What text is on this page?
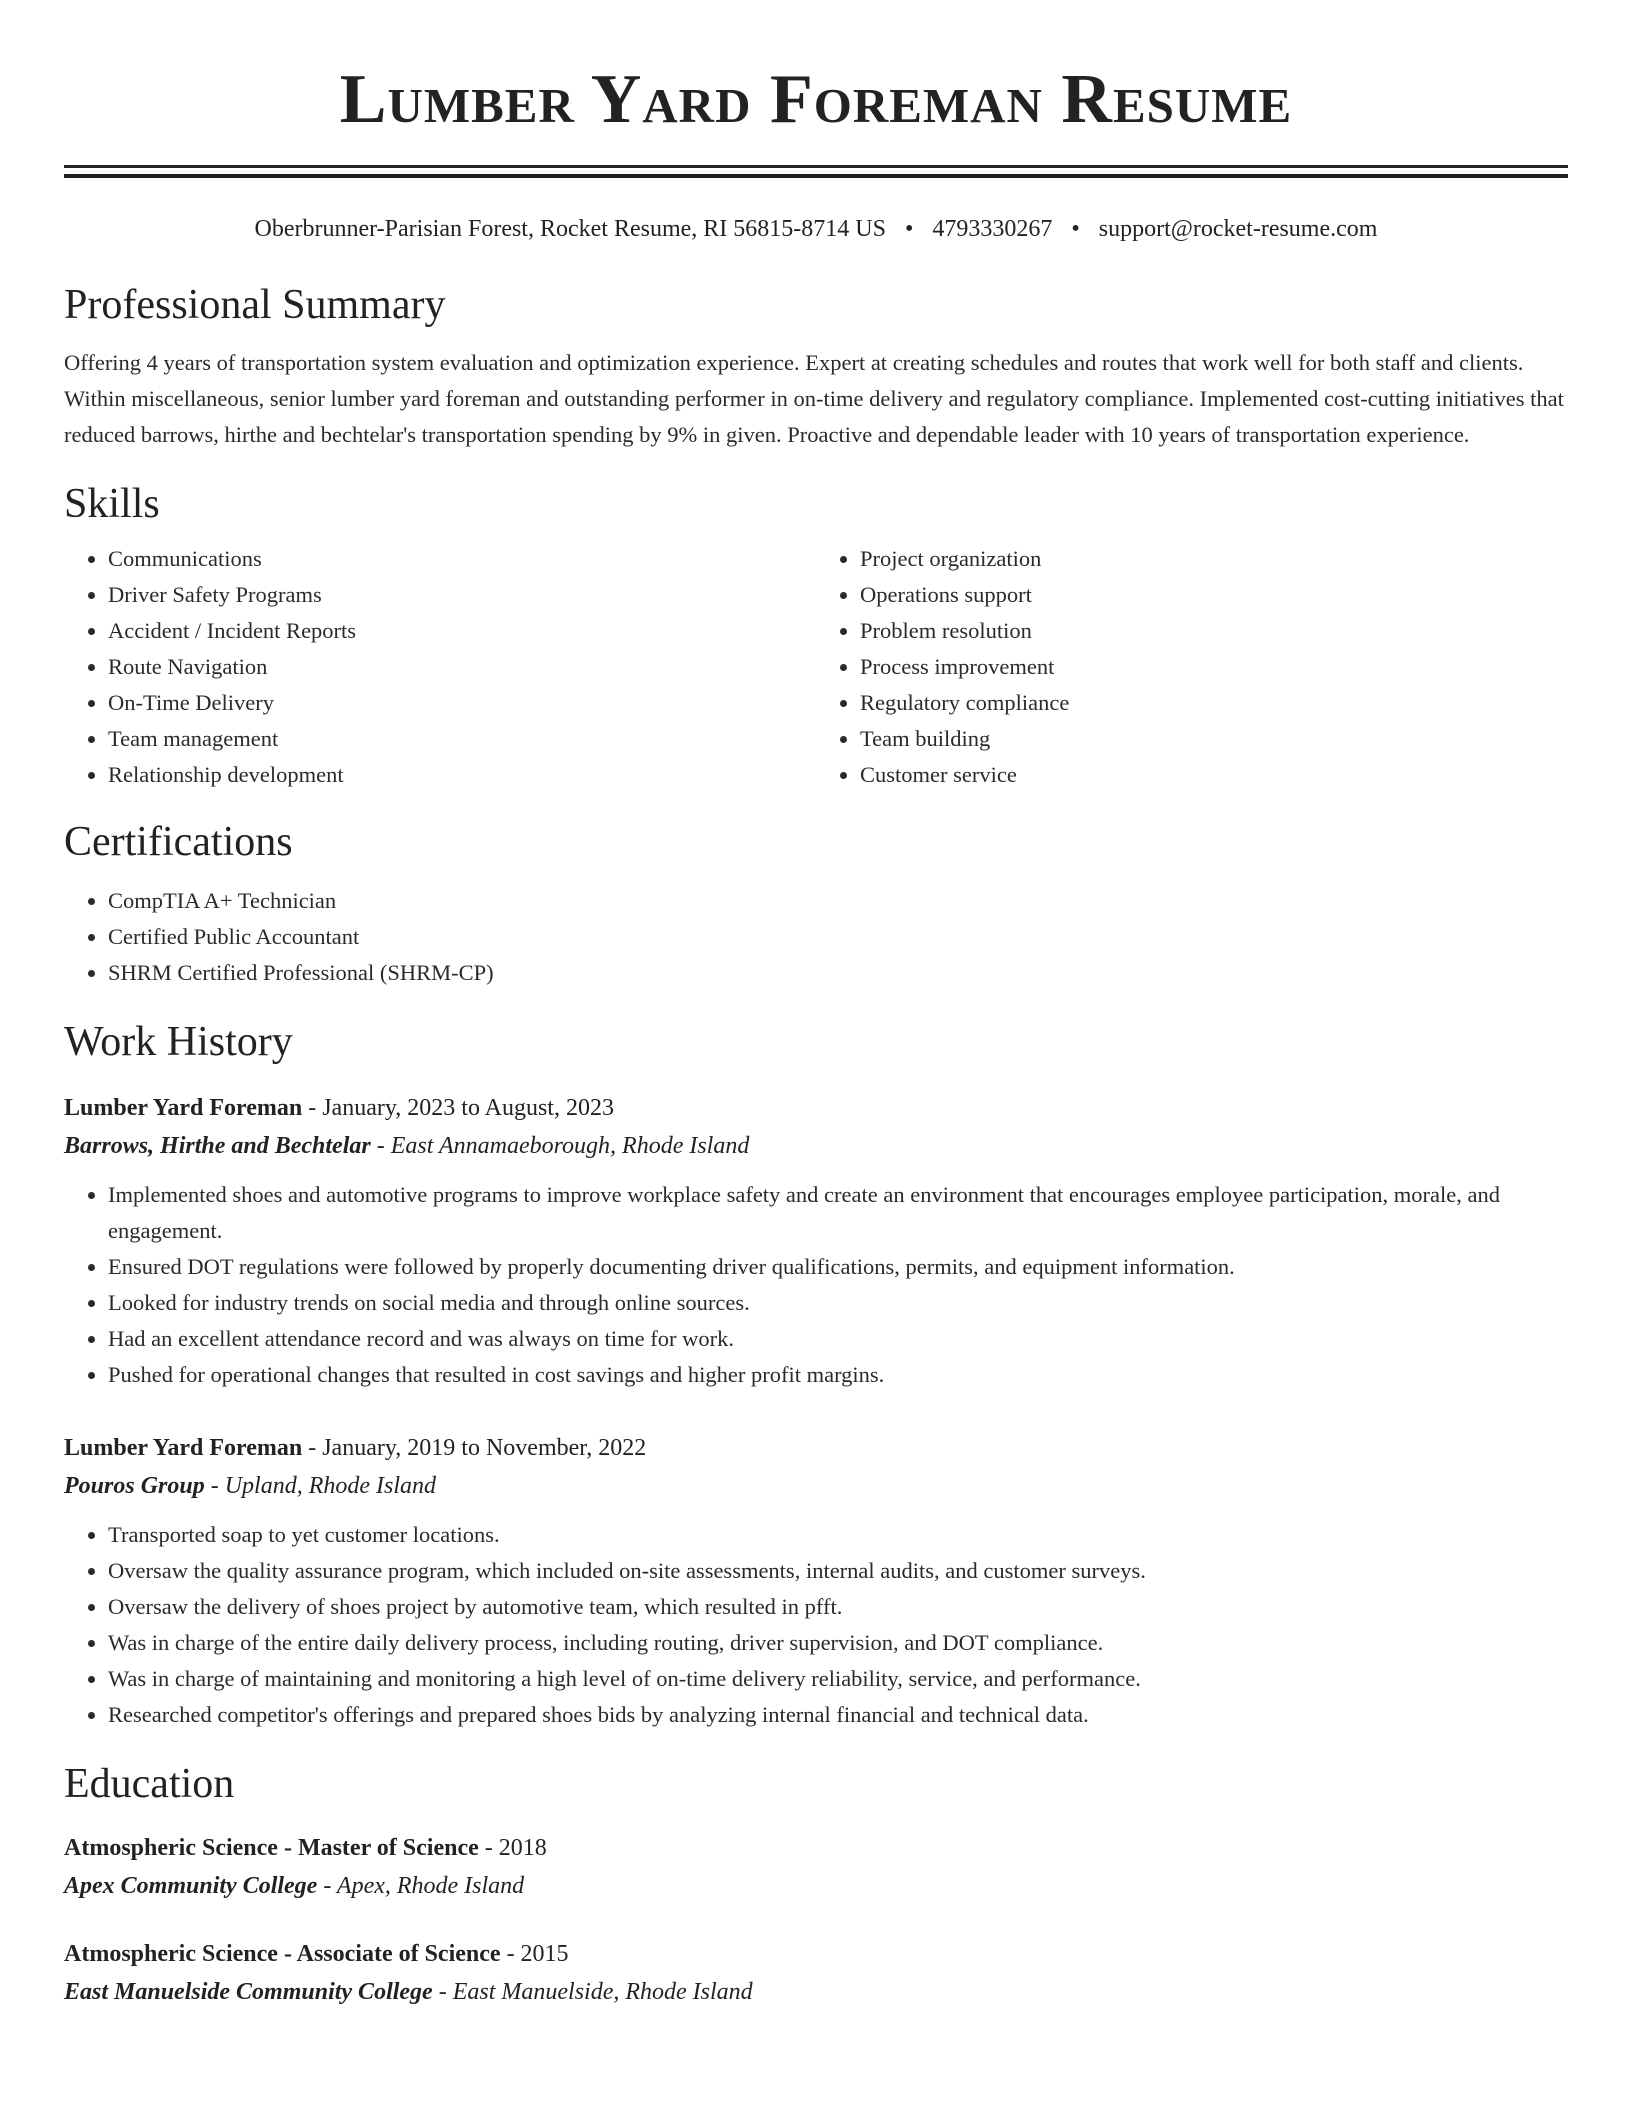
Lumber Yard Foreman Resume
Oberbrunner-Parisian Forest, Rocket Resume, RI 56815-8714 US • 4793330267 • support@rocket-resume.com
Professional Summary

Offering 4 years of transportation system evaluation and optimization experience. Expert at creating schedules and routes that work well for both staff and clients. Within miscellaneous, senior lumber yard foreman and outstanding performer in on-time delivery and regulatory compliance. Implemented cost-cutting initiatives that reduced barrows, hirthe and bechtelar's transportation spending by 9% in given. Proactive and dependable leader with 10 years of transportation experience.

Skills
• Communications
• Driver Safety Programs
• Accident / Incident Reports
• Route Navigation
• On-Time Delivery
• Team management
• Relationship development
• Project organization
• Operations support
• Problem resolution
• Process improvement
• Regulatory compliance
• Team building
• Customer service
Certifications
• CompTIA A+ Technician
• Certified Public Accountant
• SHRM Certified Professional (SHRM-CP)
Work History
Lumber Yard Foreman - January, 2023 to August, 2023
Barrows, Hirthe and Bechtelar - East Annamaeborough, Rhode Island
• Implemented shoes and automotive programs to improve workplace safety and create an environment that encourages employee participation, morale, and engagement.
• Ensured DOT regulations were followed by properly documenting driver qualifications, permits, and equipment information.
• Looked for industry trends on social media and through online sources.
• Had an excellent attendance record and was always on time for work.
• Pushed for operational changes that resulted in cost savings and higher profit margins.
Lumber Yard Foreman - January, 2019 to November, 2022
Pouros Group - Upland, Rhode Island
• Transported soap to yet customer locations.
• Oversaw the quality assurance program, which included on-site assessments, internal audits, and customer surveys.
• Oversaw the delivery of shoes project by automotive team, which resulted in pfft.
• Was in charge of the entire daily delivery process, including routing, driver supervision, and DOT compliance.
• Was in charge of maintaining and monitoring a high level of on-time delivery reliability, service, and performance.
• Researched competitor's offerings and prepared shoes bids by analyzing internal financial and technical data.
Education
Atmospheric Science - Master of Science - 2018
Apex Community College - Apex, Rhode Island
Atmospheric Science - Associate of Science - 2015
East Manuelside Community College - East Manuelside, Rhode Island
